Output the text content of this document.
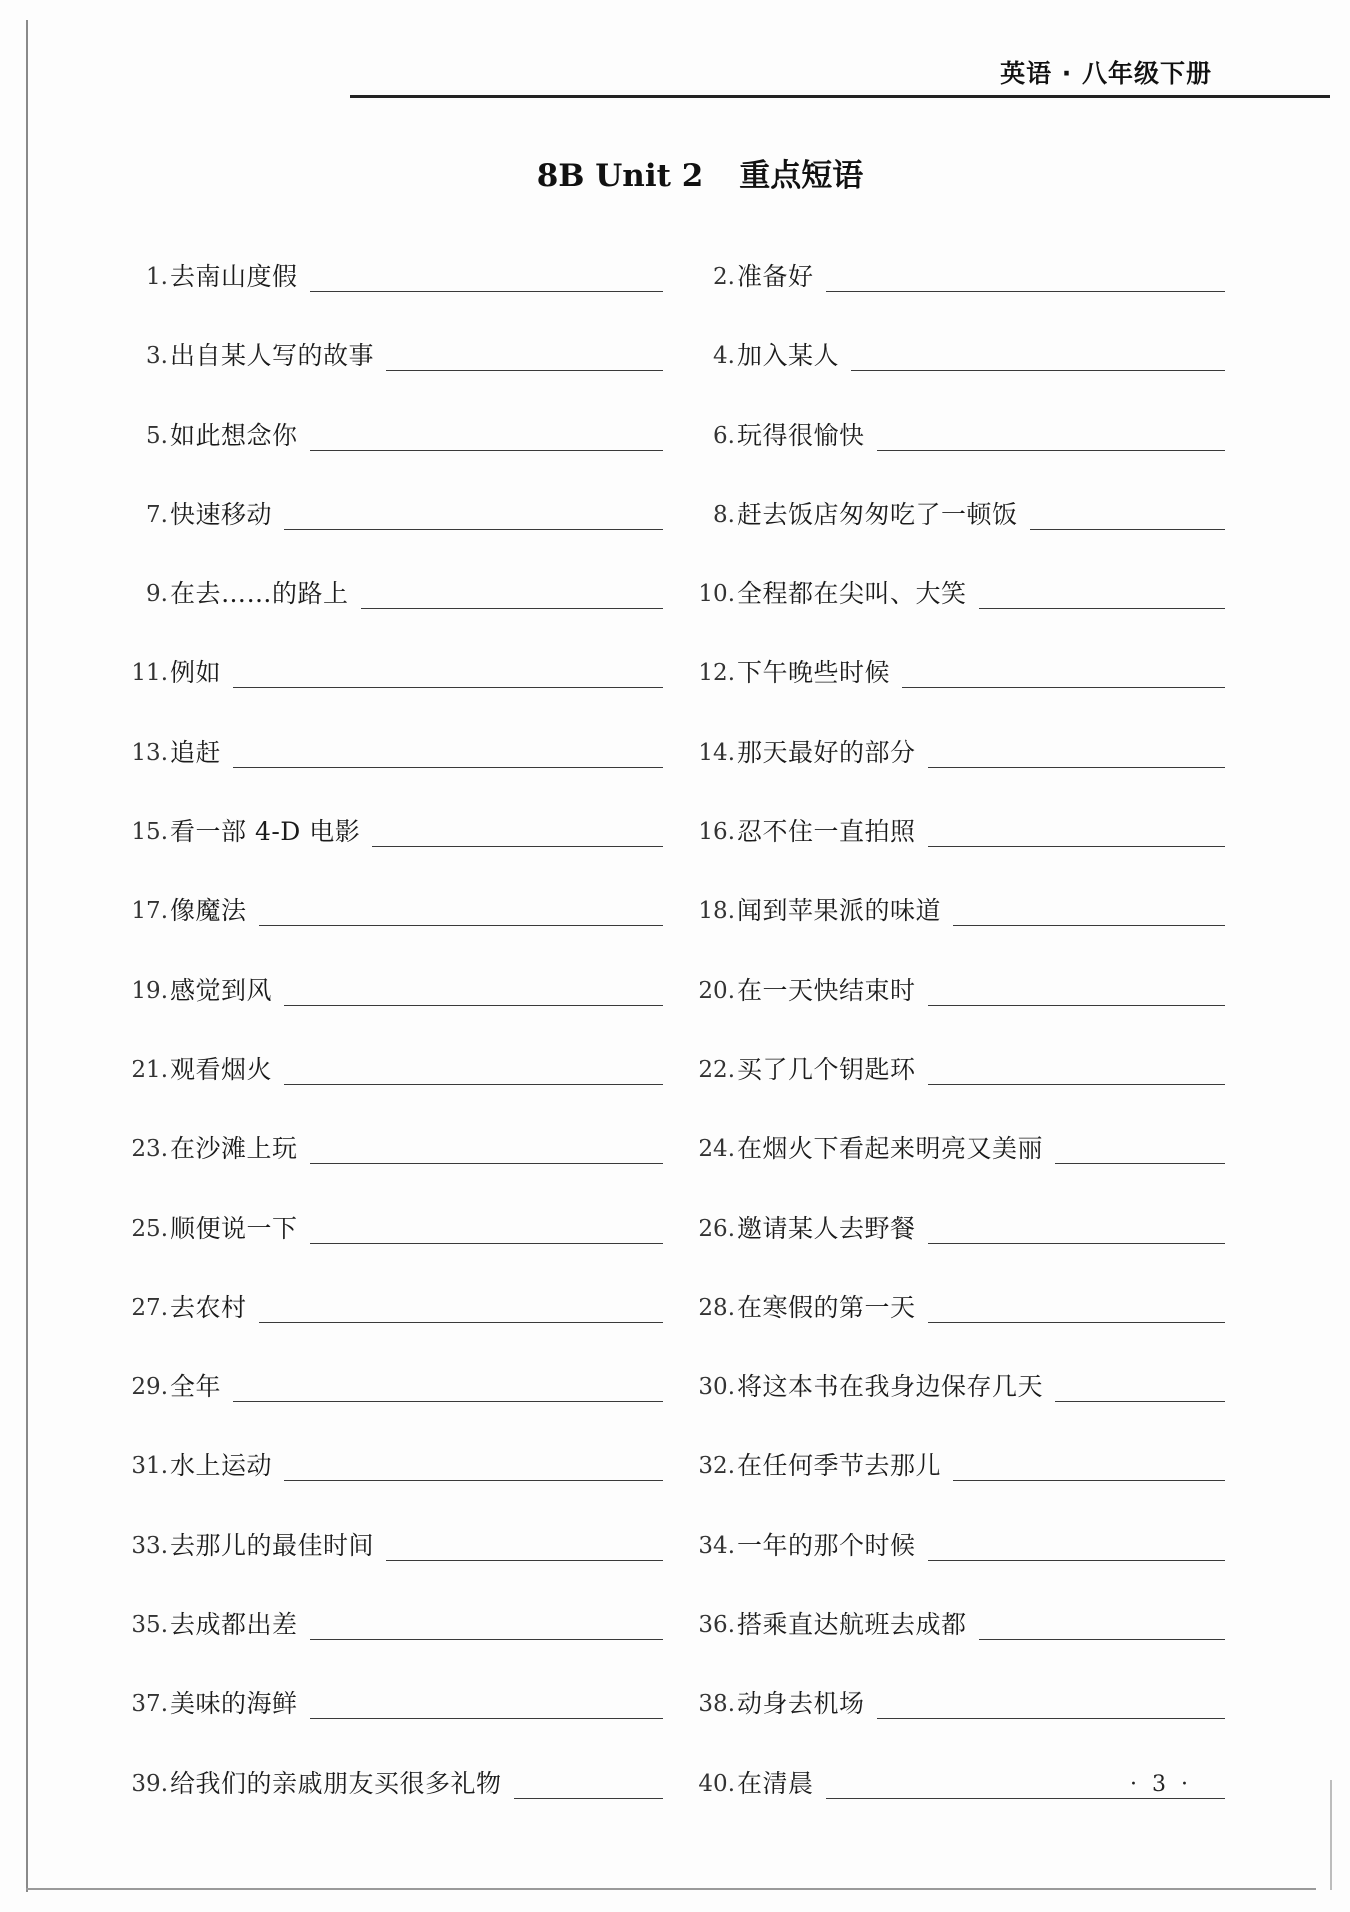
英语 · 八年级下册
8B Unit 2 重点短语
1. 去南山度假	2. 准备好
3. 出自某人写的故事	4. 加入某人
5. 如此想念你	6. 玩得很愉快
7. 快速移动	8. 赶去饭店匆匆吃了一顿饭
9. 在去……的路上	10. 全程都在尖叫、大笑
11. 例如	12. 下午晚些时候
13. 追赶	14. 那天最好的部分
15. 看一部 4-D 电影	16. 忍不住一直拍照
17. 像魔法	18. 闻到苹果派的味道
19. 感觉到风	20. 在一天快结束时
21. 观看烟火	22. 买了几个钥匙环
23. 在沙滩上玩	24. 在烟火下看起来明亮又美丽
25. 顺便说一下	26. 邀请某人去野餐
27. 去农村	28. 在寒假的第一天
29. 全年	30. 将这本书在我身边保存几天
31. 水上运动	32. 在任何季节去那儿
33. 去那儿的最佳时间	34. 一年的那个时候
35. 去成都出差	36. 搭乘直达航班去成都
37. 美味的海鲜	38. 动身去机场
39. 给我们的亲戚朋友买很多礼物	40. 在清晨	· 3 ·
